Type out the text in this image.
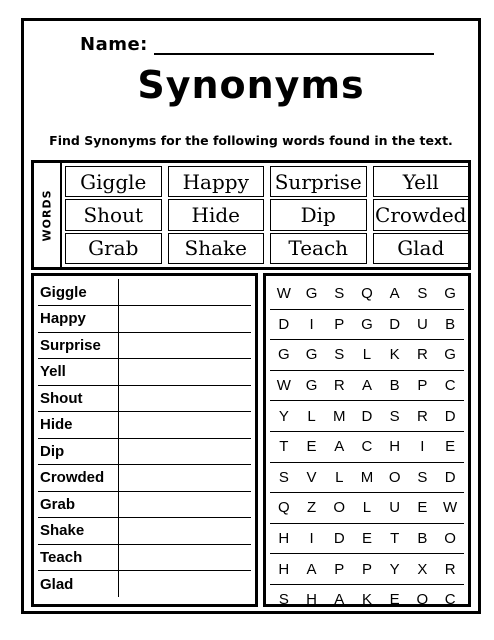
Name:
Synonyms
Find Synonyms for the following words found in the text.
WORDS
Giggle	Happy	Surprise	Yell
Shout	Hide	Dip	Crowded
Grab	Shake	Teach	Glad
Giggle	
Happy	
Surprise	
Yell	
Shout	
Hide	
Dip	
Crowded	
Grab	
Shake	
Teach	
Glad	
W	G	S	Q	A	S	G
D	I	P	G	D	U	B
G	G	S	L	K	R	G
W	G	R	A	B	P	C
Y	L	M	D	S	R	D
T	E	A	C	H	I	E
S	V	L	M	O	S	D
Q	Z	O	L	U	E	W
H	I	D	E	T	B	O
H	A	P	P	Y	X	R
S	H	A	K	E	Q	C
